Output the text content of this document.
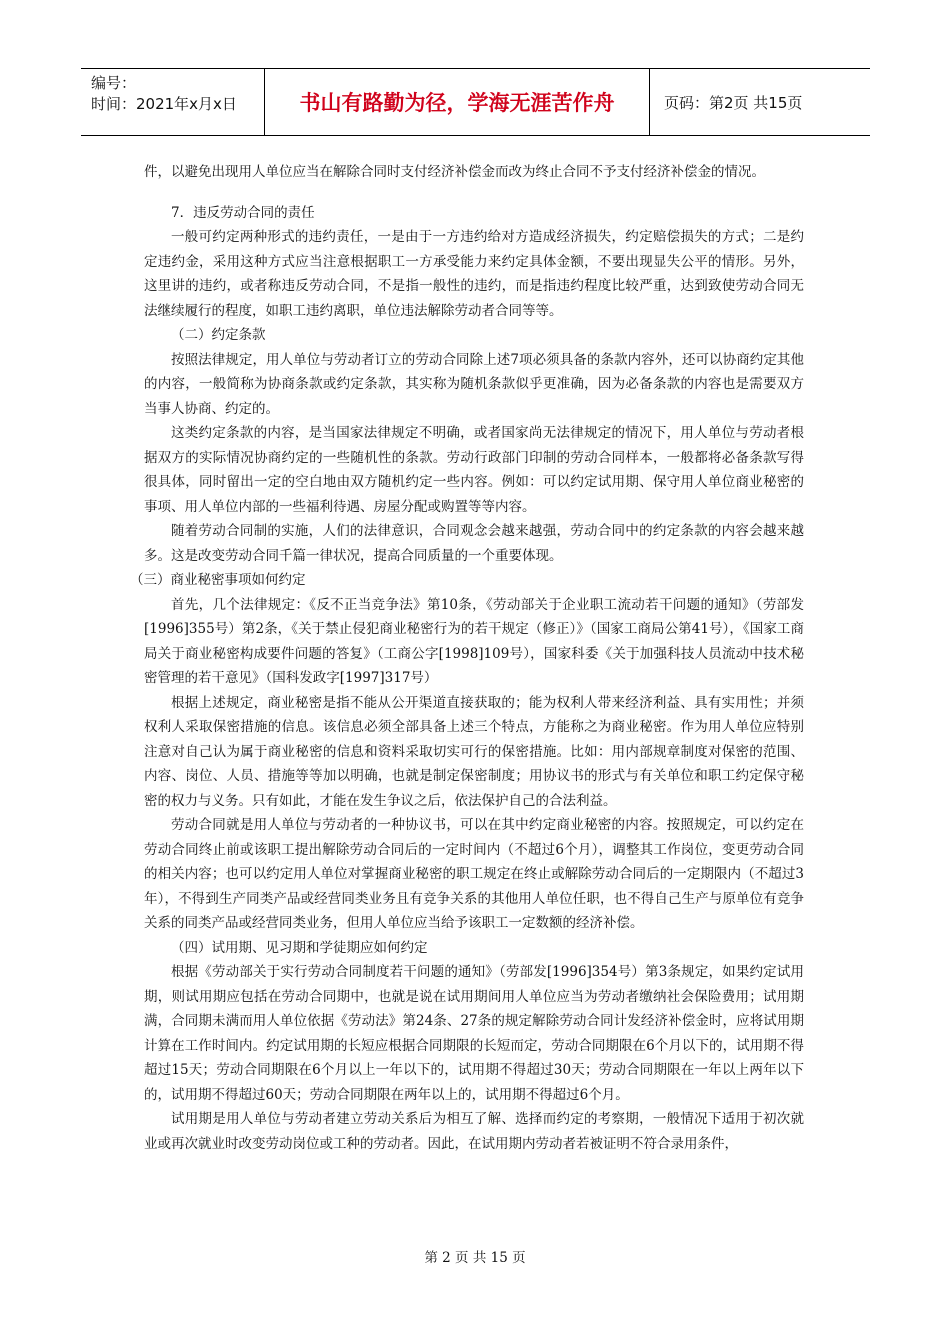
编号：
时间：2021年x月x日	书山有路勤为径，学海无涯苦作舟	页码：第2页 共15页

件，以避免出现用人单位应当在解除合同时支付经济补偿金而改为终止合同不予支付经济补偿金的情况。

7．违反劳动合同的责任

一般可约定两种形式的违约责任，一是由于一方违约给对方造成经济损失，约定赔偿损失的方式；二是约定违约金，采用这种方式应当注意根据职工一方承受能力来约定具体金额，不要出现显失公平的情形。另外，这里讲的违约，或者称违反劳动合同，不是指一般性的违约，而是指违约程度比较严重，达到致使劳动合同无法继续履行的程度，如职工违约离职，单位违法解除劳动者合同等等。

（二）约定条款

按照法律规定，用人单位与劳动者订立的劳动合同除上述7项必须具备的条款内容外，还可以协商约定其他的内容，一般简称为协商条款或约定条款，其实称为随机条款似乎更准确，因为必备条款的内容也是需要双方当事人协商、约定的。

这类约定条款的内容，是当国家法律规定不明确，或者国家尚无法律规定的情况下，用人单位与劳动者根据双方的实际情况协商约定的一些随机性的条款。劳动行政部门印制的劳动合同样本，一般都将必备条款写得很具体，同时留出一定的空白地由双方随机约定一些内容。例如：可以约定试用期、保守用人单位商业秘密的事项、用人单位内部的一些福利待遇、房屋分配或购置等等内容。

随着劳动合同制的实施，人们的法律意识，合同观念会越来越强，劳动合同中的约定条款的内容会越来越多。这是改变劳动合同千篇一律状况，提高合同质量的一个重要体现。

（三）商业秘密事项如何约定

首先，几个法律规定：《反不正当竞争法》第10条，《劳动部关于企业职工流动若干问题的通知》（劳部发[1996]355号）第2条，《关于禁止侵犯商业秘密行为的若干规定（修正）》（国家工商局公第41号），《国家工商局关于商业秘密构成要件问题的答复》（工商公字[1998]109号），国家科委《关于加强科技人员流动中技术秘密管理的若干意见》（国科发政字[1997]317号）

根据上述规定，商业秘密是指不能从公开渠道直接获取的；能为权利人带来经济利益、具有实用性；并须权利人采取保密措施的信息。该信息必须全部具备上述三个特点，方能称之为商业秘密。作为用人单位应特别注意对自己认为属于商业秘密的信息和资料采取切实可行的保密措施。比如：用内部规章制度对保密的范围、内容、岗位、人员、措施等等加以明确，也就是制定保密制度；用协议书的形式与有关单位和职工约定保守秘密的权力与义务。只有如此，才能在发生争议之后，依法保护自己的合法利益。

劳动合同就是用人单位与劳动者的一种协议书，可以在其中约定商业秘密的内容。按照规定，可以约定在劳动合同终止前或该职工提出解除劳动合同后的一定时间内（不超过6个月），调整其工作岗位，变更劳动合同的相关内容；也可以约定用人单位对掌握商业秘密的职工规定在终止或解除劳动合同后的一定期限内（不超过3年），不得到生产同类产品或经营同类业务且有竞争关系的其他用人单位任职，也不得自己生产与原单位有竞争关系的同类产品或经营同类业务，但用人单位应当给予该职工一定数额的经济补偿。

（四）试用期、见习期和学徒期应如何约定

根据《劳动部关于实行劳动合同制度若干问题的通知》（劳部发[1996]354号）第3条规定，如果约定试用期，则试用期应包括在劳动合同期中，也就是说在试用期间用人单位应当为劳动者缴纳社会保险费用；试用期满，合同期未满而用人单位依据《劳动法》第24条、27条的规定解除劳动合同计发经济补偿金时，应将试用期计算在工作时间内。约定试用期的长短应根据合同期限的长短而定，劳动合同期限在6个月以下的，试用期不得超过15天；劳动合同期限在6个月以上一年以下的，试用期不得超过30天；劳动合同期限在一年以上两年以下的，试用期不得超过60天；劳动合同期限在两年以上的，试用期不得超过6个月。

试用期是用人单位与劳动者建立劳动关系后为相互了解、选择而约定的考察期，一般情况下适用于初次就业或再次就业时改变劳动岗位或工种的劳动者。因此，在试用期内劳动者若被证明不符合录用条件，

第 2 页 共 15 页
